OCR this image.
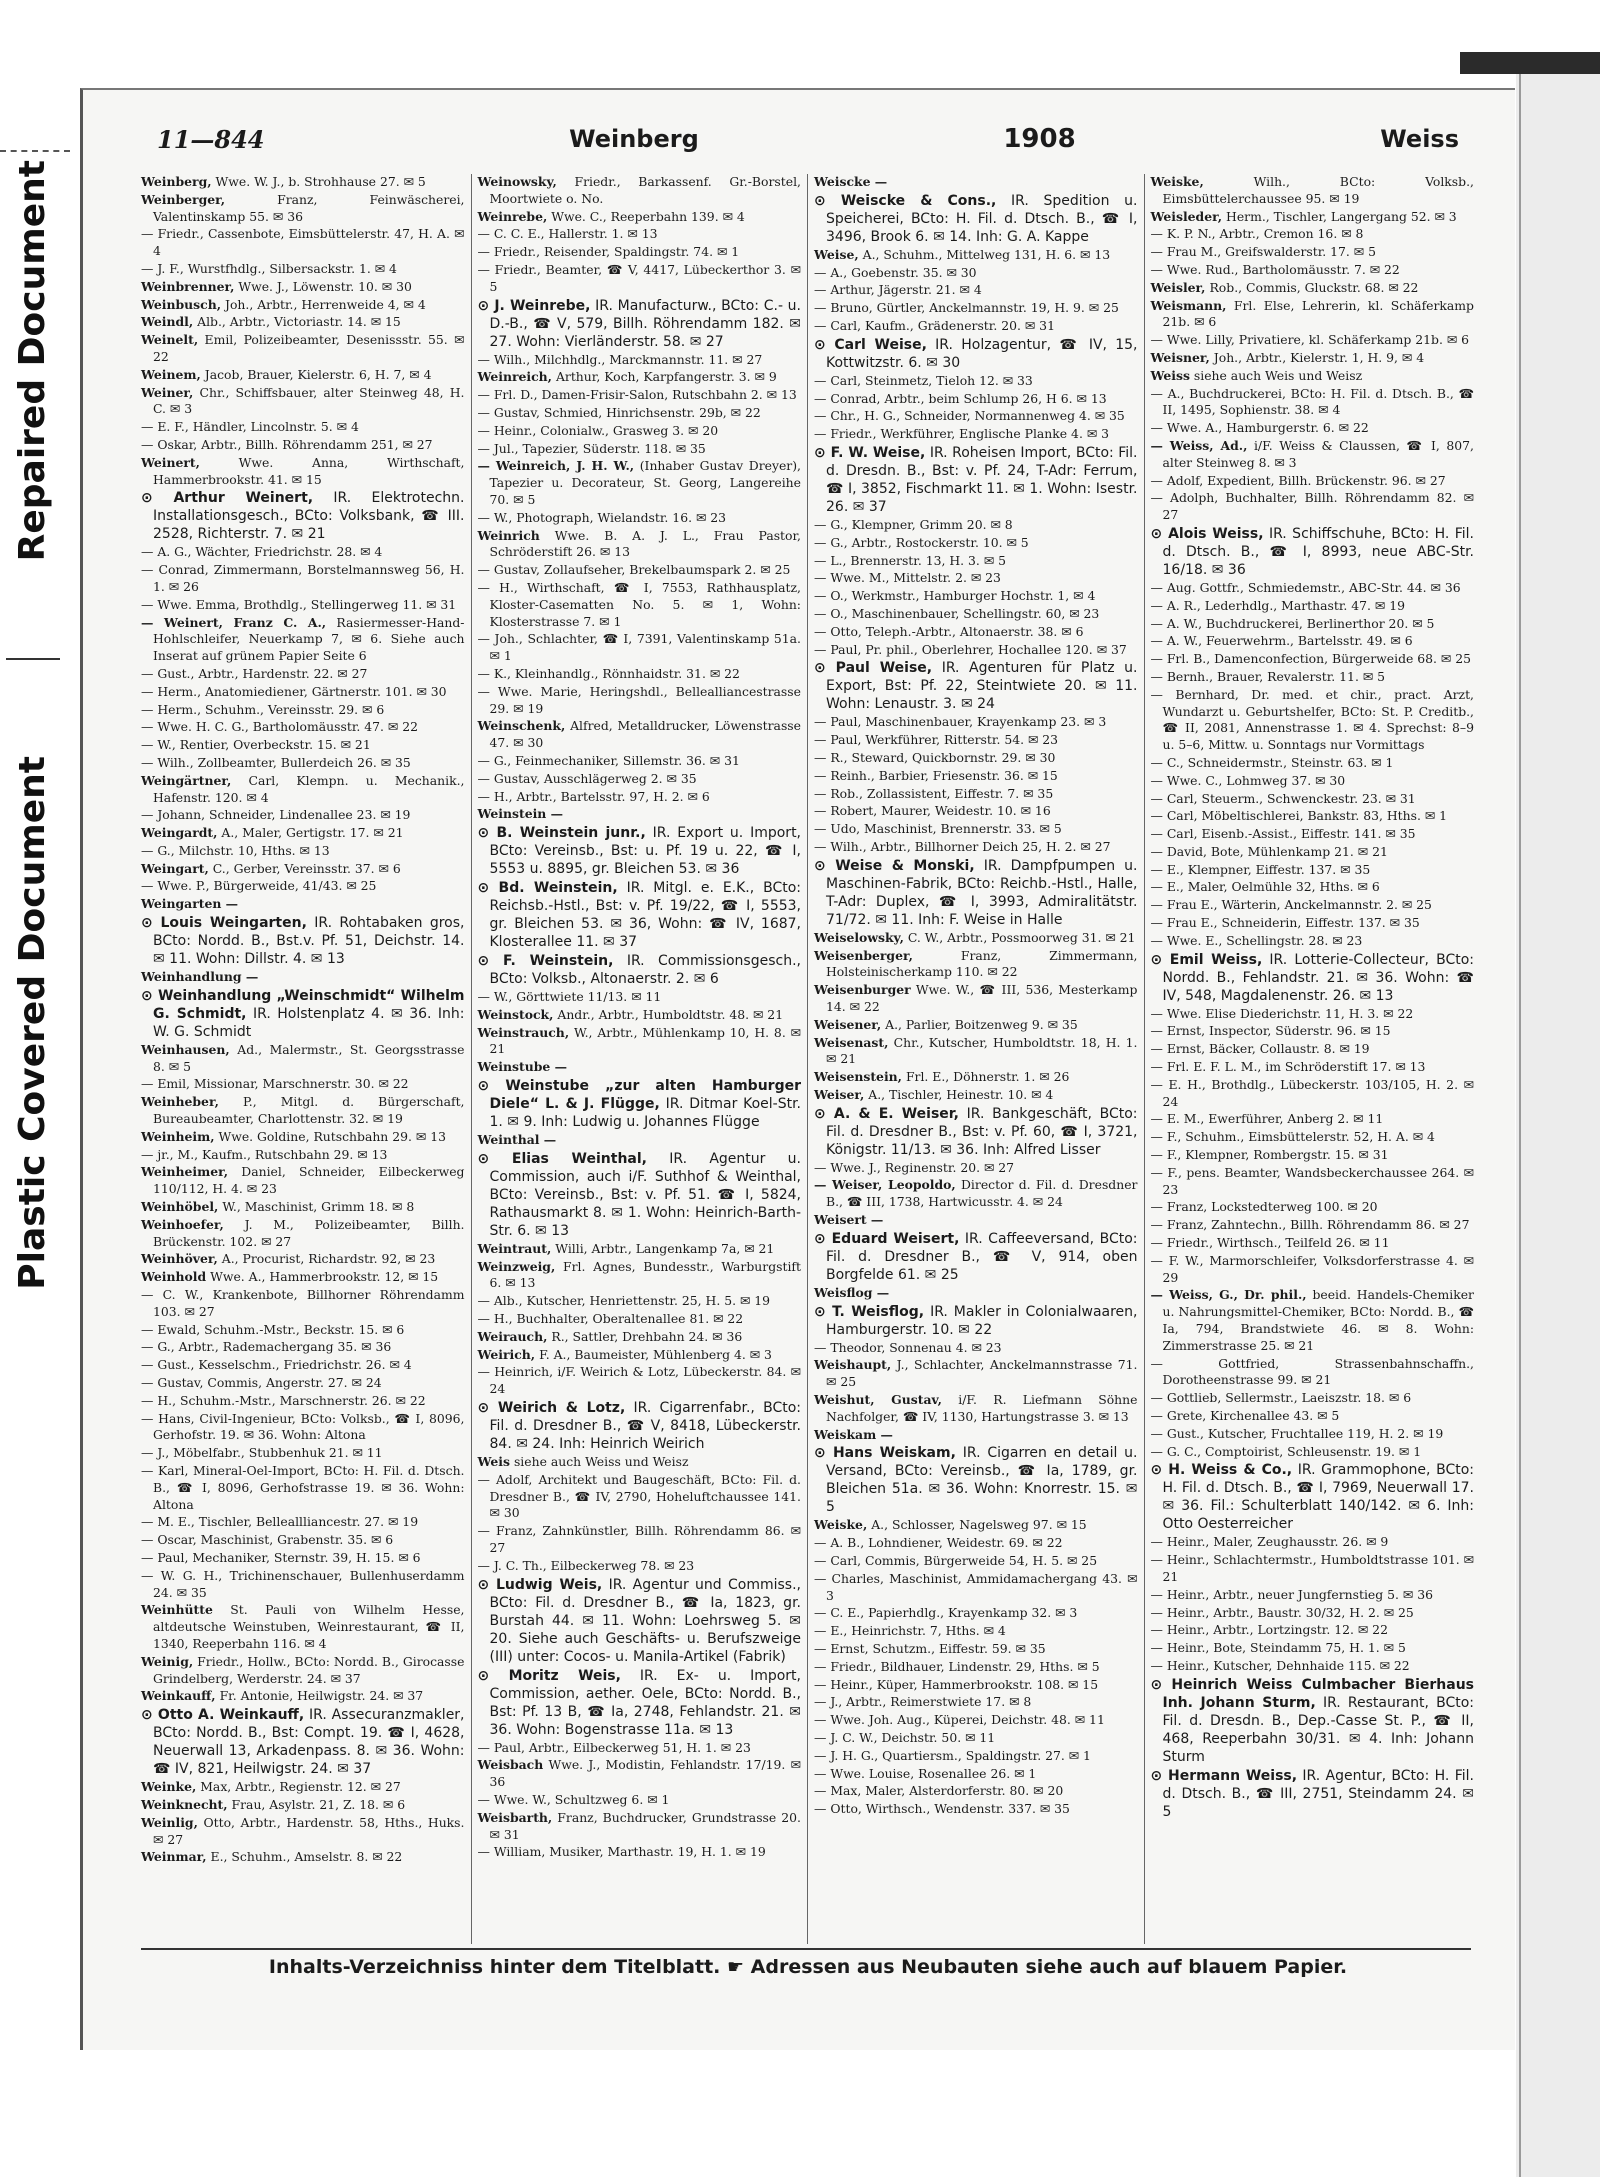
Repaired Document
Plastic Covered Document
11—844	Weinberg	1908	Weiss

Weinberg, Wwe. W. J., b. Strohhause 27. ✉ 5

Weinberger,	Franz, Feinwäscherei, Valentinskamp 55. ✉ 36

— Friedr., Cassenbote, Eimsbüttelerstr. 47, H. A. ✉ 4

— J. F., Wurstfhdlg., Silbersackstr. 1. ✉ 4

Weinbrenner, Wwe. J., Löwenstr. 10. ✉ 30

Weinbusch, Joh., Arbtr., Herrenweide 4, ✉ 4

Weindl, Alb., Arbtr., Victoriastr. 14. ✉ 15

Weinelt, Emil, Polizeibeamter, Desenissstr. 55. ✉ 22

Weinem, Jacob, Brauer, Kielerstr. 6, H. 7, ✉ 4

Weiner, Chr., Schiffsbauer, alter Steinweg 48, H. C. ✉ 3

— E. F., Händler, Lincolnstr. 5. ✉ 4

— Oskar, Arbtr., Billh. Röhrendamm 251, ✉ 27

Weinert,	Wwe. Anna, Wirthschaft, Hammerbrookstr. 41. ✉ 15

⊙ Arthur Weinert, IR. Elektrotechn. Installationsgesch., BCto: Volksbank, ☎ III. 2528, Richterstr. 7. ✉ 21

— A. G., Wächter, Friedrichstr. 28. ✉ 4

— Conrad, Zimmermann, Borstelmannsweg 56, H. 1. ✉ 26

— Wwe. Emma, Brothdlg., Stellingerweg 11. ✉ 31

— Weinert, Franz C. A., Rasiermesser-Hand-Hohlschleifer, Neuerkamp 7, ✉ 6. Siehe auch Inserat auf grünem Papier Seite 6

— Gust., Arbtr., Hardenstr. 22. ✉ 27

— Herm., Anatomiediener, Gärtnerstr. 101. ✉ 30

— Herm., Schuhm., Vereinsstr. 29. ✉ 6

— Wwe. H. C. G., Bartholomäusstr. 47. ✉ 22

— W., Rentier, Overbeckstr. 15. ✉ 21

— Wilh., Zollbeamter, Bullerdeich 26. ✉ 35

Weingärtner, Carl, Klempn. u. Mechanik., Hafenstr. 120. ✉ 4

— Johann, Schneider, Lindenallee 23. ✉ 19

Weingardt, A., Maler, Gertigstr. 17. ✉ 21

— G., Milchstr. 10, Hths. ✉ 13

Weingart, C., Gerber, Vereinsstr. 37. ✉ 6

— Wwe. P., Bürgerweide, 41/43. ✉ 25

Weingarten —

⊙ Louis Weingarten, IR. Rohtabaken gros, BCto: Nordd. B., Bst.v. Pf. 51, Deichstr. 14. ✉ 11. Wohn: Dillstr. 4. ✉ 13

Weinhandlung —

⊙ Weinhandlung „Weinschmidt“ Wilhelm G. Schmidt, IR. Holstenplatz 4. ✉ 36. Inh: W. G. Schmidt

Weinhausen, Ad., Malermstr., St. Georgsstrasse 8. ✉ 5

— Emil, Missionar, Marschnerstr. 30. ✉ 22

Weinheber, P., Mitgl. d. Bürgerschaft, Bureaubeamter, Charlottenstr. 32. ✉ 19

Weinheim, Wwe. Goldine, Rutschbahn 29. ✉ 13

— jr., M., Kaufm., Rutschbahn 29. ✉ 13

Weinheimer, Daniel, Schneider, Eilbeckerweg 110/112, H. 4. ✉ 23

Weinhöbel, W., Maschinist, Grimm 18. ✉ 8

Weinhoefer, J. M., Polizeibeamter, Billh. Brückenstr. 102. ✉ 27

Weinhöver, A., Procurist, Richardstr. 92, ✉ 23

Weinhold Wwe. A., Hammerbrookstr. 12, ✉ 15

— C. W., Krankenbote, Billhorner Röhrendamm 103. ✉ 27

— Ewald, Schuhm.-Mstr., Beckstr. 15. ✉ 6

— G., Arbtr., Rademachergang 35. ✉ 36

— Gust., Kesselschm., Friedrichstr. 26. ✉ 4

— Gustav, Commis, Angerstr. 27. ✉ 24

— H., Schuhm.-Mstr., Marschnerstr. 26. ✉ 22

— Hans, Civil-Ingenieur, BCto: Volksb., ☎ I, 8096, Gerhofstr. 19. ✉ 36. Wohn: Altona

— J., Möbelfabr., Stubbenhuk 21. ✉ 11

— Karl, Mineral-Oel-Import, BCto: H. Fil. d. Dtsch. B., ☎ I, 8096, Gerhofstrasse 19. ✉ 36. Wohn: Altona

— M. E., Tischler, Belleallliancestr. 27. ✉ 19

— Oscar, Maschinist, Grabenstr. 35. ✉ 6

— Paul, Mechaniker, Sternstr. 39, H. 15. ✉ 6

— W. G. H., Trichinenschauer, Bullenhuserdamm 24. ✉ 35

Weinhütte St. Pauli von Wilhelm Hesse, altdeutsche Weinstuben, Weinrestaurant, ☎ II, 1340, Reeperbahn 116. ✉ 4

Weinig, Friedr., Hollw., BCto: Nordd. B., Girocasse Grindelberg, Werderstr. 24. ✉ 37

Weinkauff, Fr. Antonie, Heilwigstr. 24. ✉ 37

⊙ Otto A. Weinkauff, IR. Assecuranzmakler, BCto: Nordd. B., Bst: Compt. 19. ☎ I, 4628, Neuerwall 13, Arkadenpass. 8. ✉ 36. Wohn: ☎ IV, 821, Heilwigstr. 24. ✉ 37

Weinke, Max, Arbtr., Regienstr. 12. ✉ 27

Weinknecht, Frau, Asylstr. 21, Z. 18. ✉ 6

Weinlig, Otto, Arbtr., Hardenstr. 58, Hths., Huks. ✉ 27

Weinmar, E., Schuhm., Amselstr. 8. ✉ 22

Weinowsky, Friedr., Barkassenf. Gr.-Borstel, Moortwiete o. No.

Weinrebe, Wwe. C., Reeperbahn 139. ✉ 4

— C. C. E., Hallerstr. 1. ✉ 13

— Friedr., Reisender, Spaldingstr. 74. ✉ 1

— Friedr., Beamter, ☎ V, 4417, Lübeckerthor 3. ✉ 5

⊙ J. Weinrebe, IR. Manufacturw., BCto: C.- u. D.-B., ☎ V, 579, Billh. Röhrendamm 182. ✉ 27. Wohn: Vierländerstr. 58. ✉ 27

— Wilh., Milchhdlg., Marckmannstr. 11. ✉ 27

Weinreich, Arthur, Koch, Karpfangerstr. 3. ✉ 9

— Frl. D., Damen-Frisir-Salon, Rutschbahn 2. ✉ 13

— Gustav, Schmied, Hinrichsenstr. 29b, ✉ 22

— Heinr., Colonialw., Grasweg 3. ✉ 20

— Jul., Tapezier, Süderstr. 118. ✉ 35

— Weinreich, J. H. W., (Inhaber Gustav Dreyer), Tapezier u. Decorateur, St. Georg, Langereihe 70. ✉ 5

— W., Photograph, Wielandstr. 16. ✉ 23

Weinrich Wwe. B. A. J. L., Frau Pastor, Schröderstift 26. ✉ 13

— Gustav, Zollaufseher, Brekelbaumspark 2. ✉ 25

— H., Wirthschaft, ☎ I, 7553, Rathhausplatz, Kloster-Casematten No. 5. ✉ 1, Wohn: Klosterstrasse 7. ✉ 1

— Joh., Schlachter, ☎ I, 7391, Valentinskamp 51a. ✉ 1

— K., Kleinhandlg., Rönnhaidstr. 31. ✉ 22

— Wwe. Marie, Heringshdl., Bellealliancestrasse 29. ✉ 19

Weinschenk, Alfred, Metalldrucker, Löwenstrasse 47. ✉ 30

— G., Feinmechaniker, Sillemstr. 36. ✉ 31

— Gustav, Ausschlägerweg 2. ✉ 35

— H., Arbtr., Bartelsstr. 97, H. 2. ✉ 6

Weinstein —

⊙ B. Weinstein junr., IR. Export u. Import, BCto: Vereinsb., Bst: u. Pf. 19 u. 22, ☎ I, 5553 u. 8895, gr. Bleichen 53. ✉ 36

⊙ Bd. Weinstein, IR. Mitgl. e. E.K., BCto: Reichsb.-Hstl., Bst: v. Pf. 19/22, ☎ I, 5553, gr. Bleichen 53. ✉ 36, Wohn: ☎ IV, 1687, Klosterallee 11. ✉ 37

⊙ F. Weinstein, IR. Commissionsgesch., BCto: Volksb., Altonaerstr. 2. ✉ 6

— W., Görttwiete 11/13. ✉ 11

Weinstock, Andr., Arbtr., Humboldtstr. 48. ✉ 21

Weinstrauch, W., Arbtr., Mühlenkamp 10, H. 8. ✉ 21

Weinstube —

⊙ Weinstube „zur alten Hamburger Diele“ L. & J. Flügge, IR. Ditmar Koel-Str. 1. ✉ 9. Inh: Ludwig u. Johannes Flügge

Weinthal —

⊙ Elias Weinthal, IR. Agentur u. Commission, auch i/F. Suthhof & Weinthal, BCto: Vereinsb., Bst: v. Pf. 51. ☎ I, 5824, Rathausmarkt 8. ✉ 1. Wohn: Heinrich-Barth-Str. 6. ✉ 13

Weintraut, Willi, Arbtr., Langenkamp 7a, ✉ 21

Weinzweig, Frl. Agnes, Bundesstr., Warburgstift 6. ✉ 13

— Alb., Kutscher, Henriettenstr. 25, H. 5. ✉ 19

— H., Buchhalter, Oberaltenallee 81. ✉ 22

Weirauch, R., Sattler, Drehbahn 24. ✉ 36

Weirich, F. A., Baumeister, Mühlenberg 4. ✉ 3

— Heinrich, i/F. Weirich & Lotz, Lübeckerstr. 84. ✉ 24

⊙ Weirich & Lotz, IR. Cigarrenfabr., BCto: Fil. d. Dresdner B., ☎ V, 8418, Lübeckerstr. 84. ✉ 24. Inh: Heinrich Weirich

Weis siehe auch Weiss und Weisz

— Adolf, Architekt und Baugeschäft, BCto: Fil. d. Dresdner B., ☎ IV, 2790, Hoheluftchaussee 141. ✉ 30

— Franz, Zahnkünstler, Billh. Röhrendamm 86. ✉ 27

— J. C. Th., Eilbeckerweg 78. ✉ 23

⊙ Ludwig Weis, IR. Agentur und Commiss., BCto: Fil. d. Dresdner B., ☎ Ia, 1823, gr. Burstah 44. ✉ 11. Wohn: Loehrsweg 5. ✉ 20. Siehe auch Geschäfts- u. Berufszweige (III) unter: Cocos- u. Manila-Artikel (Fabrik)

⊙ Moritz Weis, IR. Ex- u. Import, Commission, aether. Oele, BCto: Nordd. B., Bst: Pf. 13 B, ☎ Ia, 2748, Fehlandstr. 21. ✉ 36. Wohn: Bogenstrasse 11a. ✉ 13

— Paul, Arbtr., Eilbeckerweg 51, H. 1. ✉ 23

Weisbach Wwe. J., Modistin, Fehlandstr. 17/19. ✉ 36

— Wwe. W., Schultzweg 6. ✉ 1

Weisbarth, Franz, Buchdrucker, Grundstrasse 20. ✉ 31

— William, Musiker, Marthastr. 19, H. 1. ✉ 19

Weiscke —

⊙ Weiscke & Cons., IR. Spedition u. Speicherei, BCto: H. Fil. d. Dtsch. B., ☎ I, 3496, Brook 6. ✉ 14. Inh: G. A. Kappe

Weise, A., Schuhm., Mittelweg 131, H. 6. ✉ 13

— A., Goebenstr. 35. ✉ 30

— Arthur, Jägerstr. 21. ✉ 4

— Bruno, Gürtler, Anckelmannstr. 19, H. 9. ✉ 25

— Carl, Kaufm., Grädenerstr. 20. ✉ 31

⊙ Carl Weise, IR. Holzagentur, ☎ IV, 15, Kottwitzstr. 6. ✉ 30

— Carl, Steinmetz, Tieloh 12. ✉ 33

— Conrad, Arbtr., beim Schlump 26, H 6. ✉ 13

— Chr., H. G., Schneider, Normannenweg 4. ✉ 35

— Friedr., Werkführer, Englische Planke 4. ✉ 3

⊙ F. W. Weise, IR. Roheisen Import, BCto: Fil. d. Dresdn. B., Bst: v. Pf. 24, T-Adr: Ferrum, ☎ I, 3852, Fischmarkt 11. ✉ 1. Wohn: Isestr. 26. ✉ 37

— G., Klempner, Grimm 20. ✉ 8

— G., Arbtr., Rostockerstr. 10. ✉ 5

— L., Brennerstr. 13, H. 3. ✉ 5

— Wwe. M., Mittelstr. 2. ✉ 23

— O., Werkmstr., Hamburger Hochstr. 1, ✉ 4

— O., Maschinenbauer, Schellingstr. 60, ✉ 23

— Otto, Teleph.-Arbtr., Altonaerstr. 38. ✉ 6

— Paul, Pr. phil., Oberlehrer, Hochallee 120. ✉ 37

⊙ Paul Weise, IR. Agenturen für Platz u. Export, Bst: Pf. 22, Steintwiete 20. ✉ 11. Wohn: Lenaustr. 3. ✉ 24

— Paul, Maschinenbauer, Krayenkamp 23. ✉ 3

— Paul, Werkführer, Ritterstr. 54. ✉ 23

— R., Steward, Quickbornstr. 29. ✉ 30

— Reinh., Barbier, Friesenstr. 36. ✉ 15

— Rob., Zollassistent, Eiffestr. 7. ✉ 35

— Robert, Maurer, Weidestr. 10. ✉ 16

— Udo, Maschinist, Brennerstr. 33. ✉ 5

— Wilh., Arbtr., Billhorner Deich 25, H. 2. ✉ 27

⊙ Weise & Monski, IR. Dampfpumpen u. Maschinen-Fabrik, BCto: Reichb.-Hstl., Halle, T-Adr: Duplex, ☎ I, 3993, Admiralitätstr. 71/72. ✉ 11. Inh: F. Weise in Halle

Weiselowsky, C. W., Arbtr., Possmoorweg 31. ✉ 21

Weisenberger,	Franz, Zimmermann, Holsteinischerkamp 110. ✉ 22

Weisenburger Wwe. W., ☎ III, 536, Mesterkamp 14. ✉ 22

Weisener, A., Parlier, Boitzenweg 9. ✉ 35

Weisenast, Chr., Kutscher, Humboldtstr. 18, H. 1. ✉ 21

Weisenstein, Frl. E., Döhnerstr. 1. ✉ 26

Weiser, A., Tischler, Heinestr. 10. ✉ 4

⊙ A. & E. Weiser, IR. Bankgeschäft, BCto: Fil. d. Dresdner B., Bst: v. Pf. 60, ☎ I, 3721, Königstr. 11/13. ✉ 36. Inh: Alfred Lisser

— Wwe. J., Reginenstr. 20. ✉ 27

— Weiser, Leopoldo, Director d. Fil. d. Dresdner B., ☎ III, 1738, Hartwicusstr. 4. ✉ 24

Weisert —

⊙ Eduard Weisert, IR. Caffeeversand, BCto: Fil. d. Dresdner B., ☎ V, 914, oben Borgfelde 61. ✉ 25

Weisflog —

⊙ T. Weisflog, IR. Makler in Colonialwaaren, Hamburgerstr. 10. ✉ 22

— Theodor, Sonnenau 4. ✉ 23

Weishaupt, J., Schlachter, Anckelmannstrasse 71. ✉ 25

Weishut, Gustav, i/F. R. Liefmann Söhne Nachfolger, ☎ IV, 1130, Hartungstrasse 3. ✉ 13

Weiskam —

⊙ Hans Weiskam, IR. Cigarren en detail u. Versand, BCto: Vereinsb., ☎ Ia, 1789, gr. Bleichen 51a. ✉ 36. Wohn: Knorrestr. 15. ✉ 5

Weiske, A., Schlosser, Nagelsweg 97. ✉ 15

— A. B., Lohndiener, Weidestr. 69. ✉ 22

— Carl, Commis, Bürgerweide 54, H. 5. ✉ 25

— Charles, Maschinist, Ammidamachergang 43. ✉ 3

— C. E., Papierhdlg., Krayenkamp 32. ✉ 3

— E., Heinrichstr. 7, Hths. ✉ 4

— Ernst, Schutzm., Eiffestr. 59. ✉ 35

— Friedr., Bildhauer, Lindenstr. 29, Hths. ✉ 5

— Heinr., Küper, Hammerbrookstr. 108. ✉ 15

— J., Arbtr., Reimerstwiete 17. ✉ 8

— Wwe. Joh. Aug., Küperei, Deichstr. 48. ✉ 11

— J. C. W., Deichstr. 50. ✉ 11

— J. H. G., Quartiersm., Spaldingstr. 27. ✉ 1

— Wwe. Louise, Rosenallee 26. ✉ 1

— Max, Maler, Alsterdorferstr. 80. ✉ 20

— Otto, Wirthsch., Wendenstr. 337. ✉ 35

Weiske,	Wilh., BCto: Volksb., Eimsbüttelerchaussee 95. ✉ 19

Weisleder, Herm., Tischler, Langergang 52. ✉ 3

— K. P. N., Arbtr., Cremon 16. ✉ 8

— Frau M., Greifswalderstr. 17. ✉ 5

— Wwe. Rud., Bartholomäusstr. 7. ✉ 22

Weisler, Rob., Commis, Gluckstr. 68. ✉ 22

Weismann, Frl. Else, Lehrerin, kl. Schäferkamp 21b. ✉ 6

— Wwe. Lilly, Privatiere, kl. Schäferkamp 21b. ✉ 6

Weisner, Joh., Arbtr., Kielerstr. 1, H. 9, ✉ 4

Weiss siehe auch Weis und Weisz

— A., Buchdruckerei, BCto: H. Fil. d. Dtsch. B., ☎ II, 1495, Sophienstr. 38. ✉ 4

— Wwe. A., Hamburgerstr. 6. ✉ 22

— Weiss, Ad., i/F. Weiss & Claussen, ☎ I, 807, alter Steinweg 8. ✉ 3

— Adolf, Expedient, Billh. Brückenstr. 96. ✉ 27

— Adolph, Buchhalter, Billh. Röhrendamm 82. ✉ 27

⊙ Alois Weiss, IR. Schiffschuhe, BCto: H. Fil. d. Dtsch. B., ☎ I, 8993, neue ABC-Str. 16/18. ✉ 36

— Aug. Gottfr., Schmiedemstr., ABC-Str. 44. ✉ 36

— A. R., Lederhdlg., Marthastr. 47. ✉ 19

— A. W., Buchdruckerei, Berlinerthor 20. ✉ 5

— A. W., Feuerwehrm., Bartelsstr. 49. ✉ 6

— Frl. B., Damenconfection, Bürgerweide 68. ✉ 25

— Bernh., Brauer, Revalerstr. 11. ✉ 5

— Bernhard, Dr. med. et chir., pract. Arzt, Wundarzt u. Geburtshelfer, BCto: St. P. Creditb., ☎ II, 2081, Annenstrasse 1. ✉ 4. Sprechst: 8–9 u. 5–6, Mittw. u. Sonntags nur Vormittags

— C., Schneidermstr., Steinstr. 63. ✉ 1

— Wwe. C., Lohmweg 37. ✉ 30

— Carl, Steuerm., Schwenckestr. 23. ✉ 31

— Carl, Möbeltischlerei, Bankstr. 83, Hths. ✉ 1

— Carl, Eisenb.-Assist., Eiffestr. 141. ✉ 35

— David, Bote, Mühlenkamp 21. ✉ 21

— E., Klempner, Eiffestr. 137. ✉ 35

— E., Maler, Oelmühle 32, Hths. ✉ 6

— Frau E., Wärterin, Anckelmannstr. 2. ✉ 25

— Frau E., Schneiderin, Eiffestr. 137. ✉ 35

— Wwe. E., Schellingstr. 28. ✉ 23

⊙ Emil Weiss, IR. Lotterie-Collecteur, BCto: Nordd. B., Fehlandstr. 21. ✉ 36. Wohn: ☎ IV, 548, Magdalenenstr. 26. ✉ 13

— Wwe. Elise Diederichstr. 11, H. 3. ✉ 22

— Ernst, Inspector, Süderstr. 96. ✉ 15

— Ernst, Bäcker, Collaustr. 8. ✉ 19

— Frl. E. F. L. M., im Schröderstift 17. ✉ 13

— E. H., Brothdlg., Lübeckerstr. 103/105, H. 2. ✉ 24

— E. M., Ewerführer, Anberg 2. ✉ 11

— F., Schuhm., Eimsbüttelerstr. 52, H. A. ✉ 4

— F., Klempner, Rombergstr. 15. ✉ 31

— F., pens. Beamter, Wandsbeckerchaussee 264. ✉ 23

— Franz, Lockstedterweg 100. ✉ 20

— Franz, Zahntechn., Billh. Röhrendamm 86. ✉ 27

— Friedr., Wirthsch., Teilfeld 26. ✉ 11

— F. W., Marmorschleifer, Volksdorferstrasse 4. ✉ 29

— Weiss, G., Dr. phil., beeid. Handels-Chemiker u. Nahrungsmittel-Chemiker, BCto: Nordd. B., ☎ Ia, 794, Brandstwiete 46. ✉ 8. Wohn: Zimmerstrasse 25. ✉ 21

— Gottfried, Strassenbahnschaffn., Dorotheenstrasse 99. ✉ 21

— Gottlieb, Sellermstr., Laeiszstr. 18. ✉ 6

— Grete, Kirchenallee 43. ✉ 5

— Gust., Kutscher, Fruchtallee 119, H. 2. ✉ 19

— G. C., Comptoirist, Schleusenstr. 19. ✉ 1

⊙ H. Weiss & Co., IR. Grammophone, BCto: H. Fil. d. Dtsch. B., ☎ I, 7969, Neuerwall 17. ✉ 36. Fil.: Schulterblatt 140/142. ✉ 6. Inh: Otto Oesterreicher

— Heinr., Maler, Zeughausstr. 26. ✉ 9

— Heinr., Schlachtermstr., Humboldtstrasse 101. ✉ 21

— Heinr., Arbtr., neuer Jungfernstieg 5. ✉ 36

— Heinr., Arbtr., Baustr. 30/32, H. 2. ✉ 25

— Heinr., Arbtr., Lortzingstr. 12. ✉ 22

— Heinr., Bote, Steindamm 75, H. 1. ✉ 5

— Heinr., Kutscher, Dehnhaide 115. ✉ 22

⊙ Heinrich Weiss Culmbacher Bierhaus Inh. Johann Sturm, IR. Restaurant, BCto: Fil. d. Dresdn. B., Dep.-Casse St. P., ☎ II, 468, Reeperbahn 30/31. ✉ 4. Inh: Johann Sturm

⊙ Hermann Weiss, IR. Agentur, BCto: H. Fil. d. Dtsch. B., ☎ III, 2751, Steindamm 24. ✉ 5

Inhalts-Verzeichniss hinter dem Titelblatt. ☛ Adressen aus Neubauten siehe auch auf blauem Papier.
